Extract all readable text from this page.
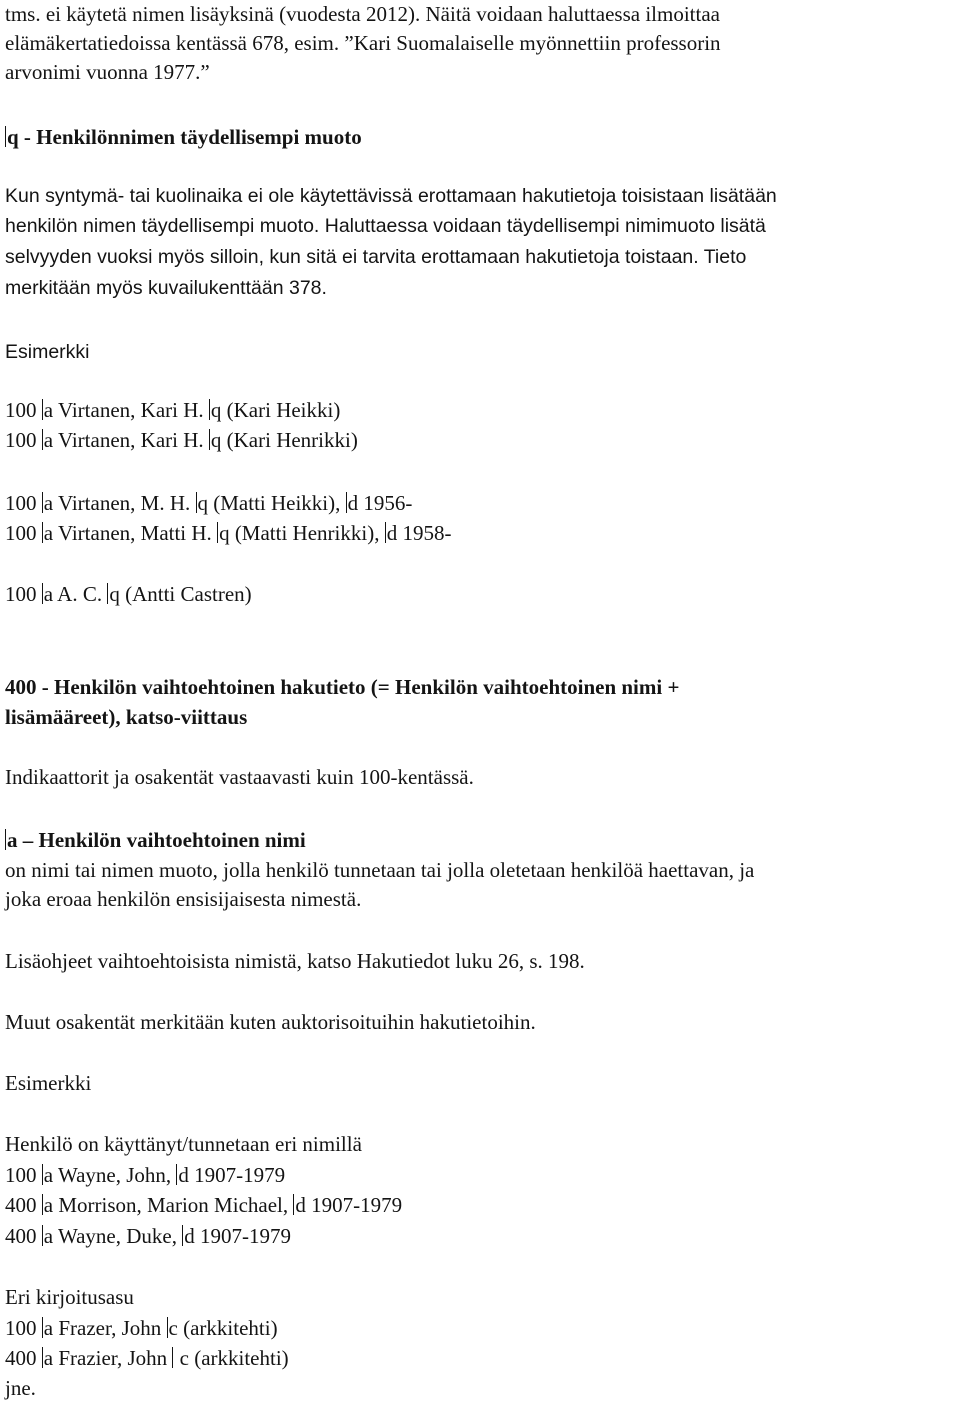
tms. ei käytetä nimen lisäyksinä (vuodesta 2012). Näitä voidaan haluttaessa ilmoittaa
elämäkertatiedoissa kentässä 678, esim. ”Kari Suomalaiselle myönnettiin professorin
arvonimi vuonna 1977.”
q - Henkilönnimen täydellisempi muoto
Kun syntymä- tai kuolinaika ei ole käytettävissä erottamaan hakutietoja toisistaan lisätään
henkilön nimen täydellisempi muoto. Haluttaessa voidaan täydellisempi nimimuoto lisätä
selvyyden vuoksi myös silloin, kun sitä ei tarvita erottamaan hakutietoja toistaan. Tieto
merkitään myös kuvailukenttään 378.
Esimerkki
100 a Virtanen, Kari H. q (Kari Heikki)
100 a Virtanen, Kari H. q (Kari Henrikki)
100 a Virtanen, M. H. q (Matti Heikki), d 1956-
100 a Virtanen, Matti H. q (Matti Henrikki), d 1958-
100 a A. C. q (Antti Castren)
400 - Henkilön vaihtoehtoinen hakutieto (= Henkilön vaihtoehtoinen nimi +
lisämääreet), katso-viittaus
Indikaattorit ja osakentät vastaavasti kuin 100-kentässä.
a – Henkilön vaihtoehtoinen nimi
on nimi tai nimen muoto, jolla henkilö tunnetaan tai jolla oletetaan henkilöä haettavan, ja
joka eroaa henkilön ensisijaisesta nimestä.
Lisäohjeet vaihtoehtoisista nimistä, katso Hakutiedot luku 26, s. 198.
Muut osakentät merkitään kuten auktorisoituihin hakutietoihin.
Esimerkki
Henkilö on käyttänyt/tunnetaan eri nimillä
100 a Wayne, John, d 1907-1979
400 a Morrison, Marion Michael, d 1907-1979
400 a Wayne, Duke, d 1907-1979
Eri kirjoitusasu
100 a Frazer, John c (arkkitehti)
400 a Frazier, John  c (arkkitehti)
jne.
